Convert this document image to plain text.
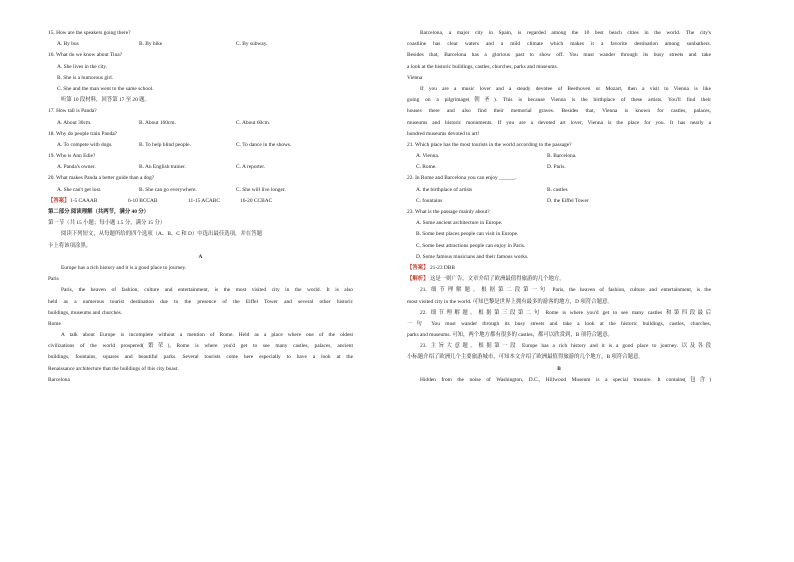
15. How are the speakers going there?
A. By bus	B. By bike	C. By subway.
16. What do we know about Tina?
A. She lives in the city.
B. She is a humorous girl.
C. She and the man went to the same school.
听第 10 段材料，回答第 17 至 20 题。
17. How tall is Panda?
A. About 30cm.	B. About 160cm.	C. About 60cm.
18. Why do people train Panda?
A. To compete with dogs.	B. To help blind people.	C. To dance in the shows.
19. Who is Ann Edie?
A. Panda's owner.	B. An English trainer.	C. A reporter.
20. What makes Panda a better guide than a dog?
A. She can't get lost.	B. She can go everywhere.	C. She will live longer.
【答案】 1-5 CAAAB	6-10 BCCAB	11-15 ACABC	16-20 CCBAC
第二部分 阅读理解（共两节，满分 40 分）
第一节（共 15 小题；每小题 1.5 分，满分 15 分）
阅读下列短文，从每题所给的四个选项（A、B、C 和 D）中选出最佳选项，并在答题
卡上将该项涂黑。
A
Europe has a rich history and it is a good place to journey.
Paris
Paris, the heaven of fashion, culture and entertainment, is the most visited city in the world. It is also
held as a numerous tourist destination due to the presence of the Eiffel Tower and several other historic
buildings, museums and churches.
Rome
A talk about Europe is incomplete without a mention of Rome. Held as a place where one of the oldest
civilizations of the world prospered(繁荣), Rome is where you'd get to see many castles, palaces, ancient
buildings, fountains, squares and beautiful parks. Several tourists come here especially to have a look at the
Renaissance architecture that the buildings of this city boast.
Barcelona
Barcelona, a major city in Spain, is regarded among the 10 best beach cities in the world. The city's
coastline has clear waters and a mild climate which makes it a favorite destination among sunbathers.
Besides that, Barcelona has a glorious past to show off. You must wander through its busy streets and take
a look at the historic buildings, castles, churches, parks and museums.
Vienna
If you are a music lover and a steady devotee of Beethoven or Mozart, then a visit to Vienna is like
going on a pilgrimage(朝圣). This is because Vienna is the birthplace of these artists. You'll find their
houses there and also find their memorial graves. Besides that, Vienna is known for castles, palaces,
museums and historic monuments. If you are a devoted art lover, Vienna is the place for you. It has nearly a
hundred museums devoted to art!
21. Which place has the most tourists in the world according to the passage?
A. Vienna.	B. Barcelona.
C. Rome.	D. Paris.
22. In Rome and Barcelona you can enjoy ______.
A. the birthplace of artists	B. castles
C. fountains	D. the Eiffel Tower
23. What is the passage mainly about?
A. Some ancient architecture in Europe.
B. Some best places people can visit in Europe.
C. Some best attractions people can enjoy in Paris.
D. Some famous musicians and their famous works.
【答案】 21-23 DBB
【解析】 这是一则广告。文章介绍了欧洲最值得旅游的几个地方。
21. 细节理解题。根据第二段第一句 Paris, the heaven of fashion, culture and entertainment, is the
most visited city in the world. 可知巴黎是世界上拥有最多的游客的地方，D 项符合题意。
22. 细节理解题。根据第三段第二句 Rome is where you'd get to see many castles 和第四段最后
一句 You must wander through its busy streets and take a look at the historic buildings, castles, churches,
parks and museums. 可知，两个地方都有很多的 castles，都可以欣赏到，B 项符合题意。
23. 主旨大意题。根据第一段 Europe has a rich history and it is a good place to journey. 以及各段
小标题介绍了欧洲几个主要旅游城市，可知本文介绍了欧洲最值得旅游的几个地方，B 项符合题意。
B
Hidden from the noise of Washington, D.C., Hillwood Museum is a special treasure. It contains(包含)
